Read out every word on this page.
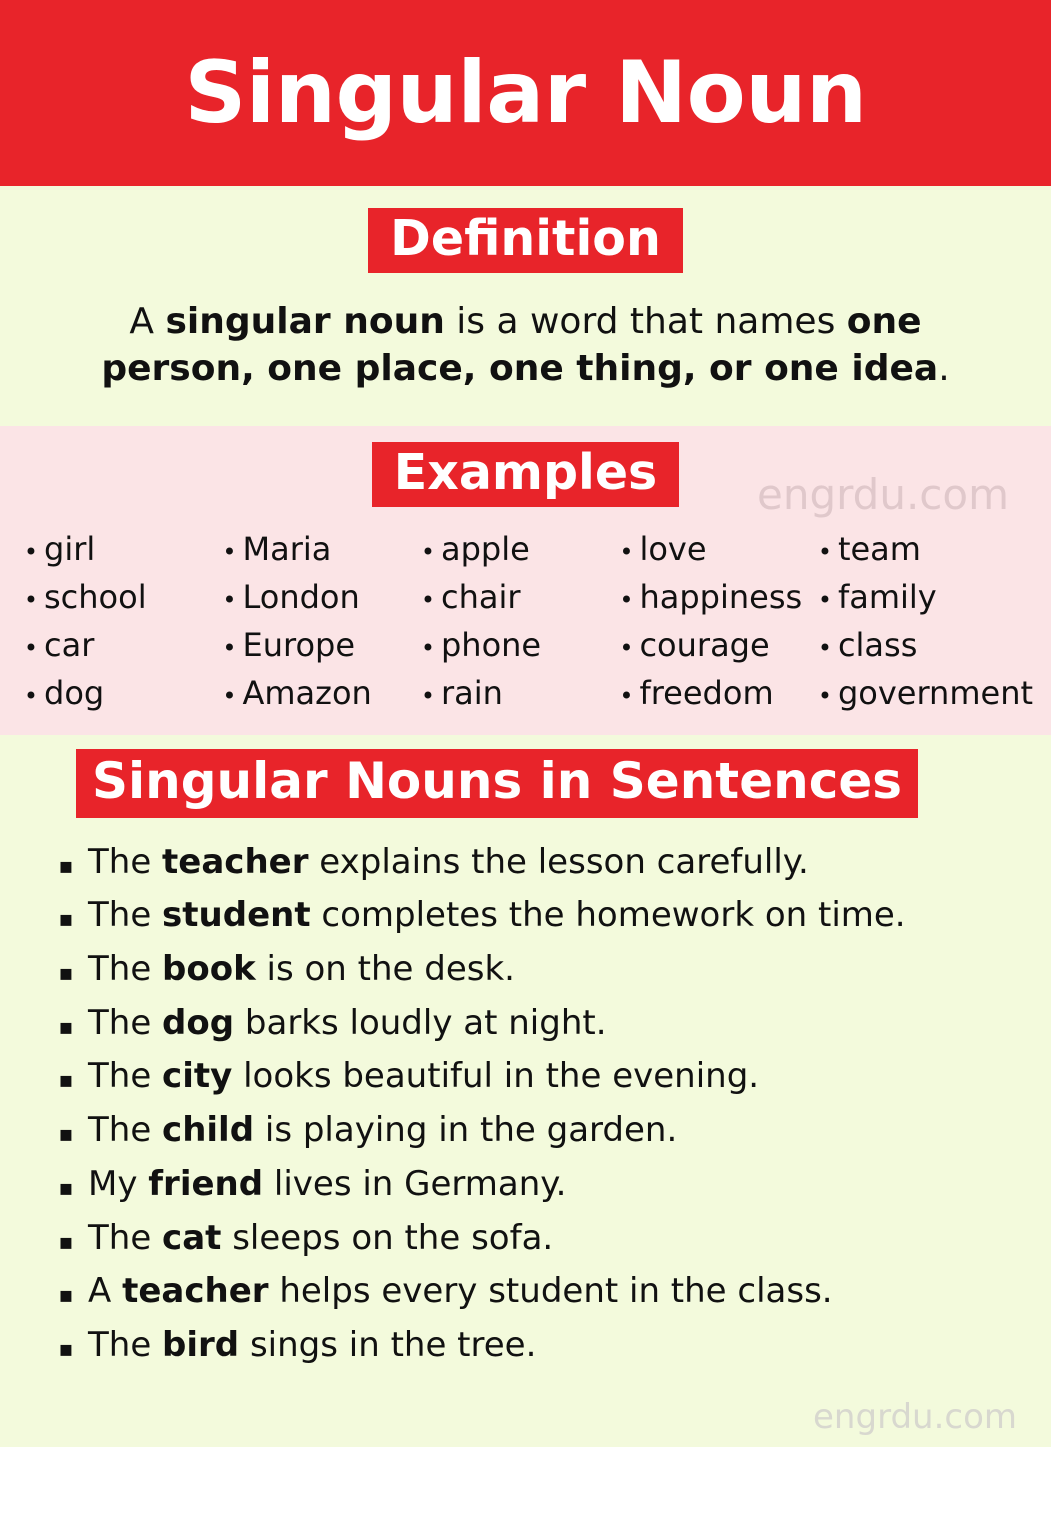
Singular Noun
Definition
A singular noun is a word that names one person, one place, one thing, or one idea.
Examples	engrdu.com
• girl
• school
• car
• dog
• Maria
• London
• Europe
• Amazon
• apple
• chair
• phone
• rain
• love
• happiness
• courage
• freedom
• team
• family
• class
• government
Singular Nouns in Sentences
▪ The teacher explains the lesson carefully.
▪ The student completes the homework on time.
▪ The book is on the desk.
▪ The dog barks loudly at night.
▪ The city looks beautiful in the evening.
▪ The child is playing in the garden.
▪ My friend lives in Germany.
▪ The cat sleeps on the sofa.
▪ A teacher helps every student in the class.
▪ The bird sings in the tree.
engrdu.com
